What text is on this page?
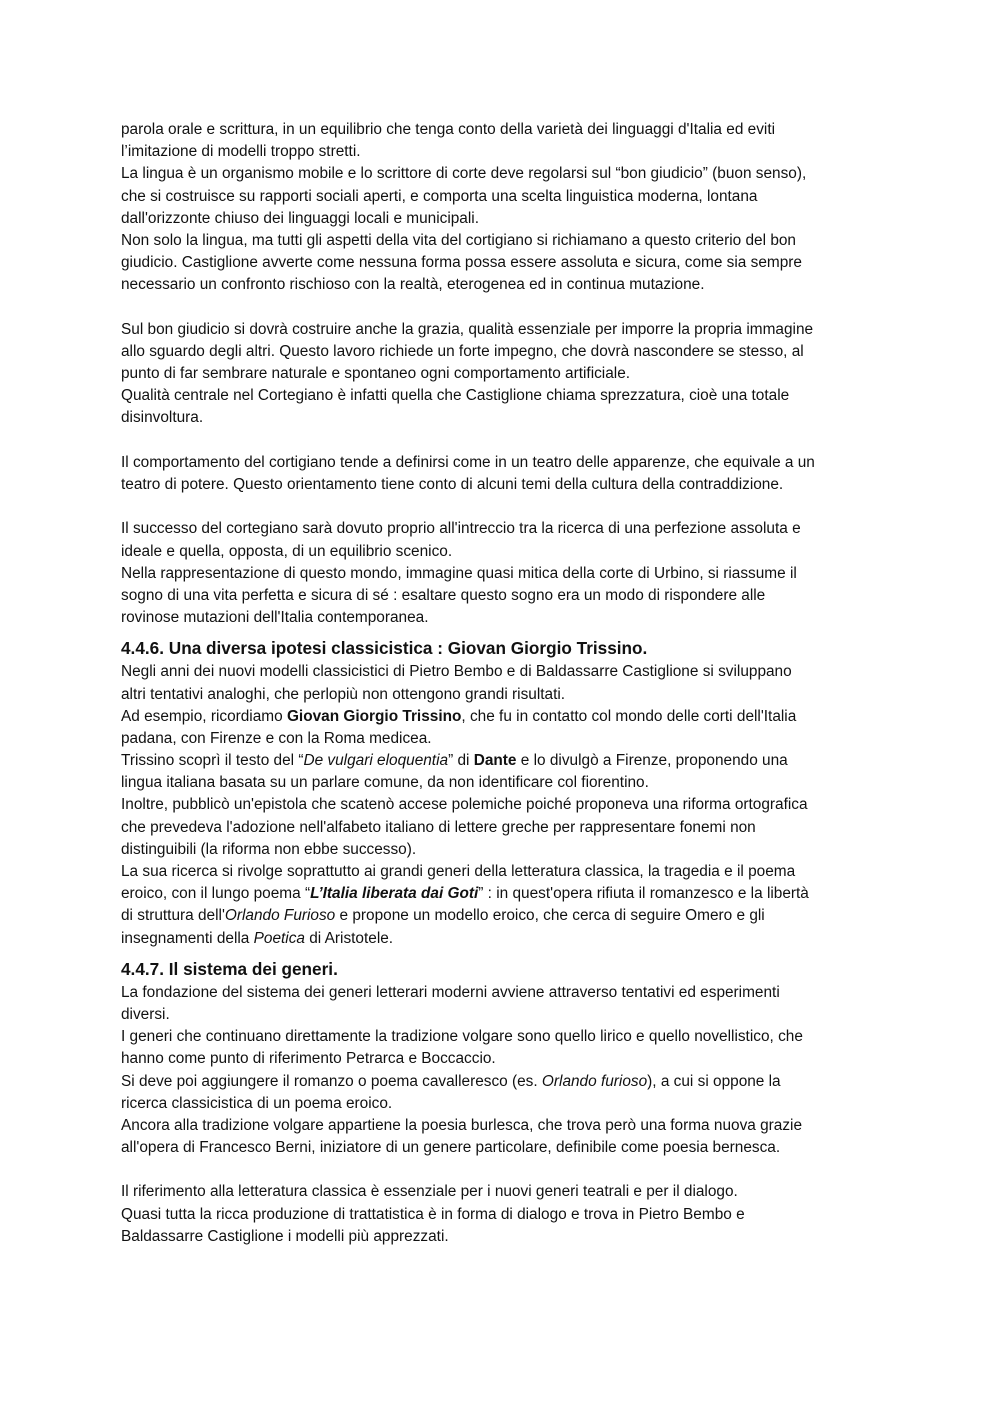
parola orale e scrittura, in un equilibrio che tenga conto della varietà dei linguaggi d'Italia ed eviti
l’imitazione di modelli troppo stretti.
La lingua è un organismo mobile e lo scrittore di corte deve regolarsi sul “bon giudicio” (buon senso),
che si costruisce su rapporti sociali aperti, e comporta una scelta linguistica moderna, lontana
dall'orizzonte chiuso dei linguaggi locali e municipali.
Non solo la lingua, ma tutti gli aspetti della vita del cortigiano si richiamano a questo criterio del bon
giudicio. Castiglione avverte come nessuna forma possa essere assoluta e sicura, come sia sempre
necessario un confronto rischioso con la realtà, eterogenea ed in continua mutazione.
Sul bon giudicio si dovrà costruire anche la grazia, qualità essenziale per imporre la propria immagine
allo sguardo degli altri. Questo lavoro richiede un forte impegno, che dovrà nascondere se stesso, al
punto di far sembrare naturale e spontaneo ogni comportamento artificiale.
Qualità centrale nel Cortegiano è infatti quella che Castiglione chiama sprezzatura, cioè una totale
disinvoltura.
Il comportamento del cortigiano tende a definirsi come in un teatro delle apparenze, che equivale a un
teatro di potere. Questo orientamento tiene conto di alcuni temi della cultura della contraddizione.
Il successo del cortegiano sarà dovuto proprio all'intreccio tra la ricerca di una perfezione assoluta e
ideale e quella, opposta, di un equilibrio scenico.
Nella rappresentazione di questo mondo, immagine quasi mitica della corte di Urbino, si riassume il
sogno di una vita perfetta e sicura di sé : esaltare questo sogno era un modo di rispondere alle
rovinose mutazioni dell'Italia contemporanea.
4.4.6. Una diversa ipotesi classicistica : Giovan Giorgio Trissino.
Negli anni dei nuovi modelli classicistici di Pietro Bembo e di Baldassarre Castiglione si sviluppano
altri tentativi analoghi, che perlopiù non ottengono grandi risultati.
Ad esempio, ricordiamo Giovan Giorgio Trissino, che fu in contatto col mondo delle corti dell'Italia
padana, con Firenze e con la Roma medicea.
Trissino scoprì il testo del “De vulgari eloquentia” di Dante e lo divulgò a Firenze, proponendo una
lingua italiana basata su un parlare comune, da non identificare col fiorentino.
Inoltre, pubblicò un'epistola che scatenò accese polemiche poiché proponeva una riforma ortografica
che prevedeva l'adozione nell'alfabeto italiano di lettere greche per rappresentare fonemi non
distinguibili (la riforma non ebbe successo).
La sua ricerca si rivolge soprattutto ai grandi generi della letteratura classica, la tragedia e il poema
eroico, con il lungo poema “L’Italia liberata dai Goti” : in quest'opera rifiuta il romanzesco e la libertà
di struttura dell'Orlando Furioso e propone un modello eroico, che cerca di seguire Omero e gli
insegnamenti della Poetica di Aristotele.
4.4.7. Il sistema dei generi.
La fondazione del sistema dei generi letterari moderni avviene attraverso tentativi ed esperimenti
diversi.
I generi che continuano direttamente la tradizione volgare sono quello lirico e quello novellistico, che
hanno come punto di riferimento Petrarca e Boccaccio.
Si deve poi aggiungere il romanzo o poema cavalleresco (es. Orlando furioso), a cui si oppone la
ricerca classicistica di un poema eroico.
Ancora alla tradizione volgare appartiene la poesia burlesca, che trova però una forma nuova grazie
all'opera di Francesco Berni, iniziatore di un genere particolare, definibile come poesia bernesca.
Il riferimento alla letteratura classica è essenziale per i nuovi generi teatrali e per il dialogo.
Quasi tutta la ricca produzione di trattatistica è in forma di dialogo e trova in Pietro Bembo e
Baldassarre Castiglione i modelli più apprezzati.
